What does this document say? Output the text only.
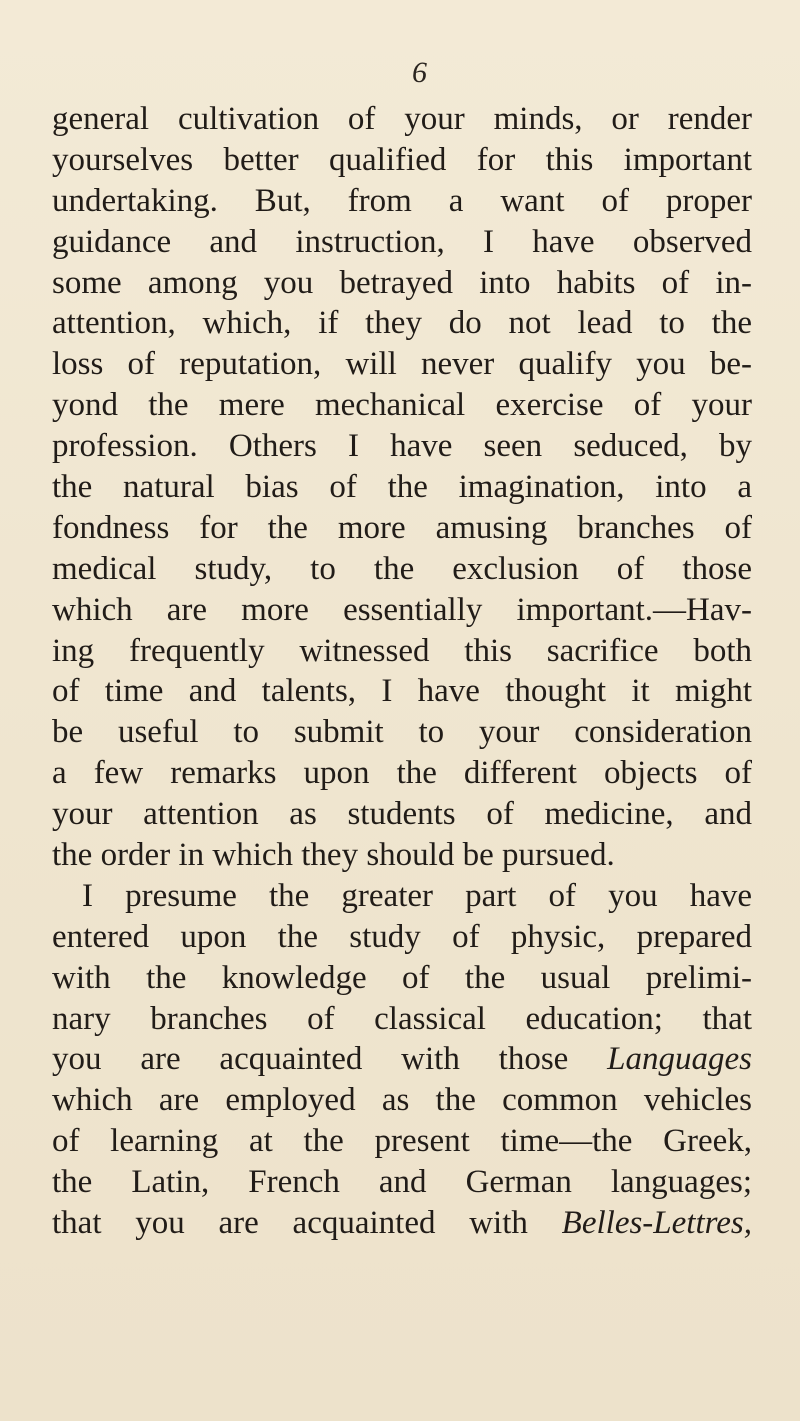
6

general cultivation of your minds, or render
yourselves better qualified for this important
undertaking. But, from a want of proper
guidance and instruction, I have observed
some among you betrayed into habits of in-
attention, which, if they do not lead to the
loss of reputation, will never qualify you be-
yond the mere mechanical exercise of your
profession. Others I have seen seduced, by
the natural bias of the imagination, into a
fondness for the more amusing branches of
medical study, to the exclusion of those
which are more essentially important.—Hav-
ing frequently witnessed this sacrifice both
of time and talents, I have thought it might
be useful to submit to your consideration
a few remarks upon the different objects of
your attention as students of medicine, and
the order in which they should be pursued.
I presume the greater part of you have
entered upon the study of physic, prepared
with the knowledge of the usual prelimi-
nary branches of classical education; that
you are acquainted with those Languages
which are employed as the common vehicles
of learning at the present time—the Greek,
the Latin, French and German languages;
that you are acquainted with Belles-Lettres,
